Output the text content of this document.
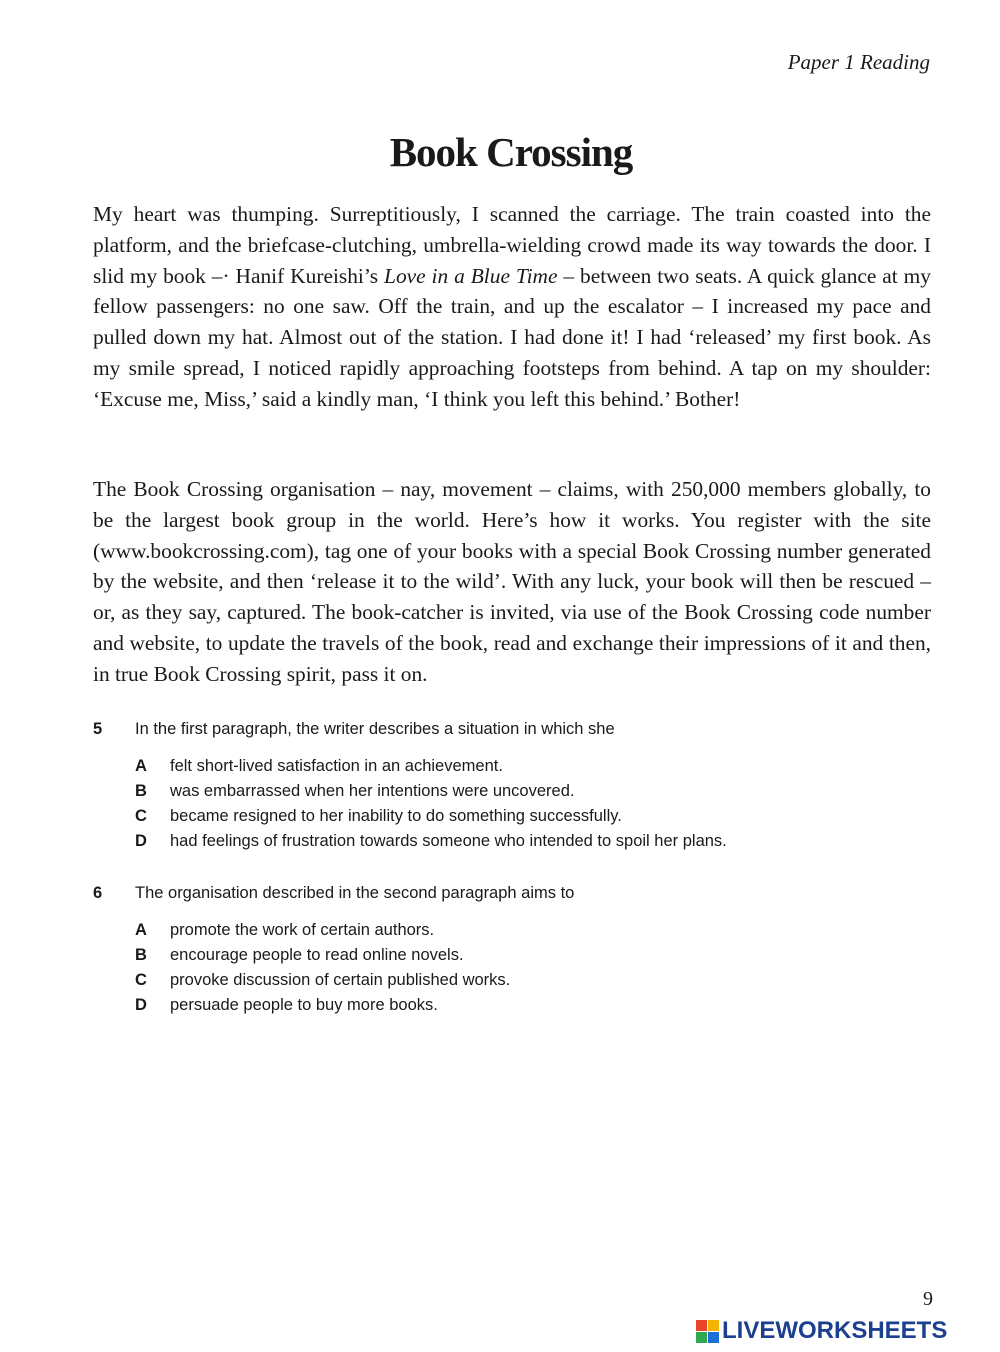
Paper 1 Reading
Book Crossing

My heart was thumping. Surreptitiously, I scanned the carriage. The train coasted into the platform, and the briefcase-clutching, umbrella-wielding crowd made its way towards the door. I slid my book –· Hanif Kureishi’s Love in a Blue Time – between two seats. A quick glance at my fellow passengers: no one saw. Off the train, and up the escalator – I increased my pace and pulled down my hat. Almost out of the station. I had done it! I had ‘released’ my first book. As my smile spread, I noticed rapidly approaching footsteps from behind. A tap on my shoulder: ‘Excuse me, Miss,’ said a kindly man, ‘I think you left this behind.’ Bother!

The Book Crossing organisation – nay, movement – claims, with 250,000 members globally, to be the largest book group in the world. Here’s how it works. You register with the site (www.bookcrossing.com), tag one of your books with a special Book Crossing number generated by the website, and then ‘release it to the wild’. With any luck, your book will then be rescued – or, as they say, captured. The book-catcher is invited, via use of the Book Crossing code number and website, to update the travels of the book, read and exchange their impressions of it and then, in true Book Crossing spirit, pass it on.

5	In the first paragraph, the writer describes a situation in which she
A	felt short-lived satisfaction in an achievement.
B	was embarrassed when her intentions were uncovered.
C	became resigned to her inability to do something successfully.
D	had feelings of frustration towards someone who intended to spoil her plans.
6	The organisation described in the second paragraph aims to
A	promote the work of certain authors.
B	encourage people to read online novels.
C	provoke discussion of certain published works.
D	persuade people to buy more books.
9
LIVEWORKSHEETS
